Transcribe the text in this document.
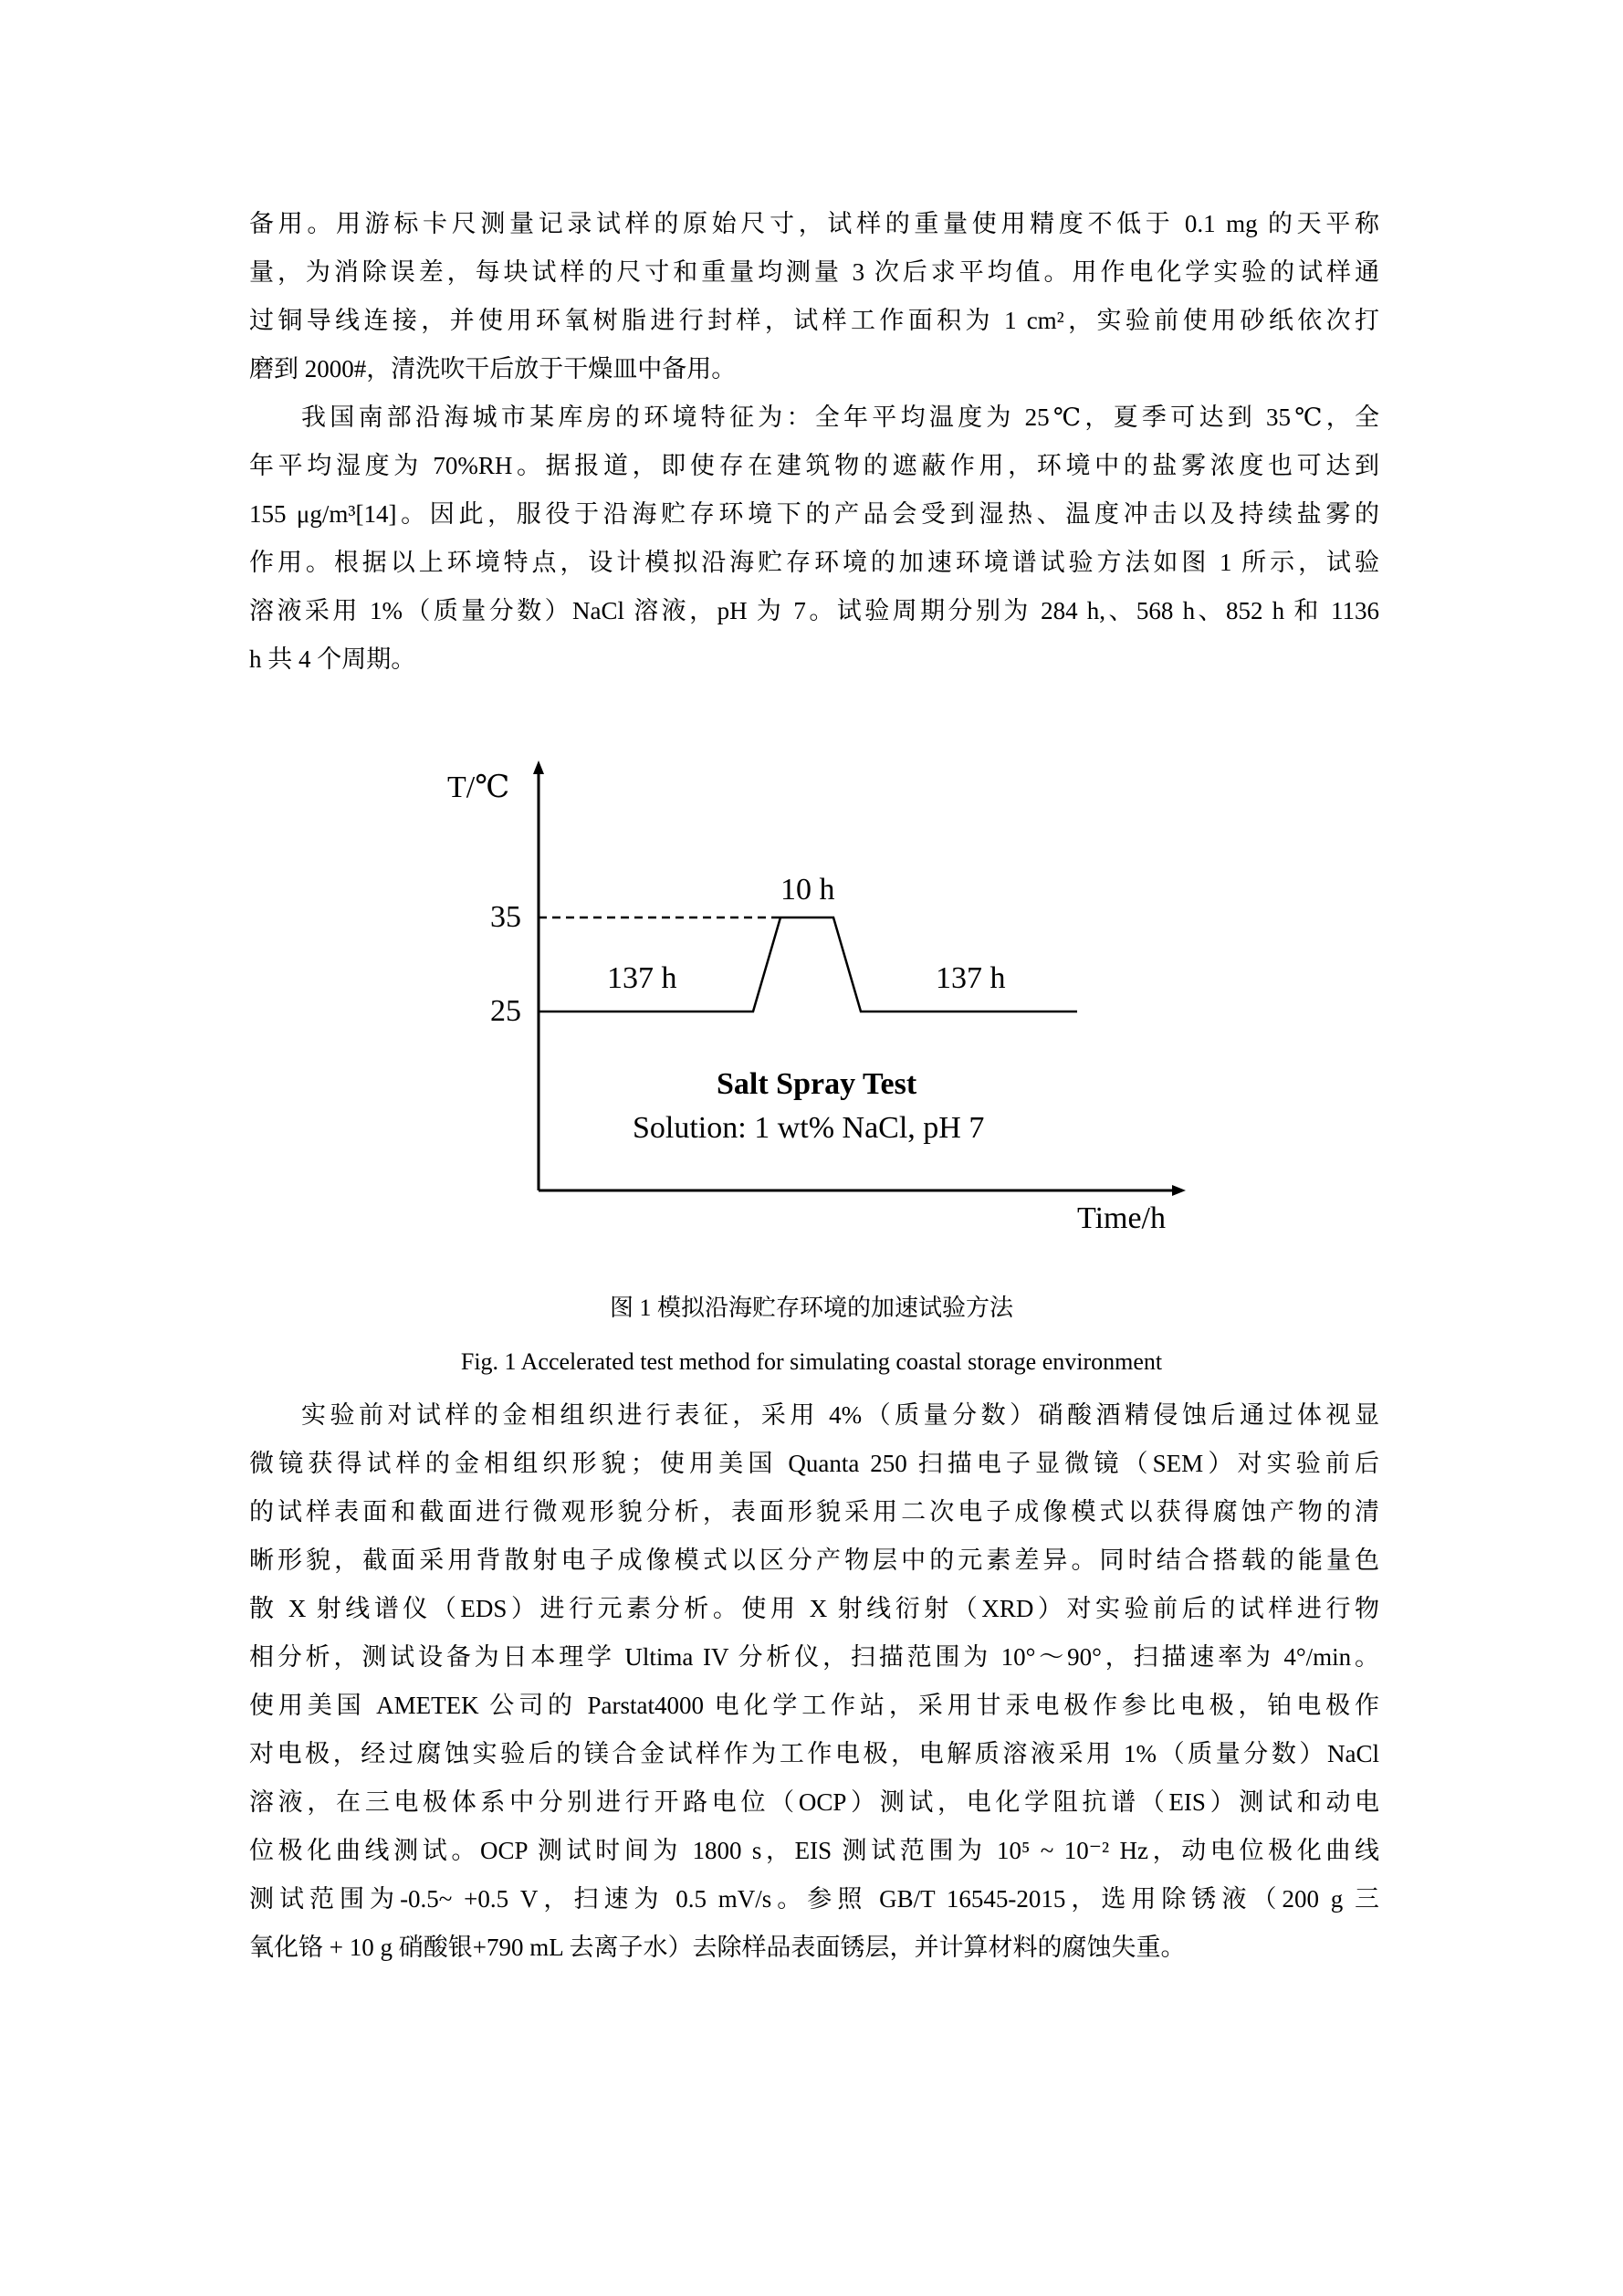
备用。用游标卡尺测量记录试样的原始尺寸，试样的重量使用精度不低于 0.1 mg 的天平称
量，为消除误差，每块试样的尺寸和重量均测量 3 次后求平均值。用作电化学实验的试样通
过铜导线连接，并使用环氧树脂进行封样，试样工作面积为 1 cm²，实验前使用砂纸依次打
磨到 2000#，清洗吹干后放于干燥皿中备用。
我国南部沿海城市某库房的环境特征为：全年平均温度为 25℃，夏季可达到 35℃，全
年平均湿度为 70%RH。据报道，即使存在建筑物的遮蔽作用，环境中的盐雾浓度也可达到
155 μg/m³[14]。因此，服役于沿海贮存环境下的产品会受到湿热、温度冲击以及持续盐雾的
作用。根据以上环境特点，设计模拟沿海贮存环境的加速环境谱试验方法如图 1 所示，试验
溶液采用 1%（质量分数）NaCl 溶液，pH 为 7。试验周期分别为 284 h,、568 h、852 h 和 1136
h 共 4 个周期。
T/℃
35
25
137 h
10 h
137 h
Salt Spray Test
Solution: 1 wt% NaCl, pH 7
Time/h
图 1 模拟沿海贮存环境的加速试验方法
Fig. 1 Accelerated test method for simulating coastal storage environment
实验前对试样的金相组织进行表征，采用 4%（质量分数）硝酸酒精侵蚀后通过体视显
微镜获得试样的金相组织形貌；使用美国 Quanta 250 扫描电子显微镜（SEM）对实验前后
的试样表面和截面进行微观形貌分析，表面形貌采用二次电子成像模式以获得腐蚀产物的清
晰形貌，截面采用背散射电子成像模式以区分产物层中的元素差异。同时结合搭载的能量色
散 X 射线谱仪（EDS）进行元素分析。使用 X 射线衍射（XRD）对实验前后的试样进行物
相分析，测试设备为日本理学 Ultima IV 分析仪，扫描范围为 10°～90°，扫描速率为 4°/min。
使用美国 AMETEK 公司的 Parstat4000 电化学工作站，采用甘汞电极作参比电极，铂电极作
对电极，经过腐蚀实验后的镁合金试样作为工作电极，电解质溶液采用 1%（质量分数）NaCl
溶液，在三电极体系中分别进行开路电位（OCP）测试，电化学阻抗谱（EIS）测试和动电
位极化曲线测试。OCP 测试时间为 1800 s，EIS 测试范围为 10⁵ ~ 10⁻² Hz，动电位极化曲线
测试范围为-0.5~ +0.5 V，扫速为 0.5 mV/s。参照 GB/T 16545-2015，选用除锈液（200 g 三
氧化铬 + 10 g 硝酸银+790 mL 去离子水）去除样品表面锈层，并计算材料的腐蚀失重。
